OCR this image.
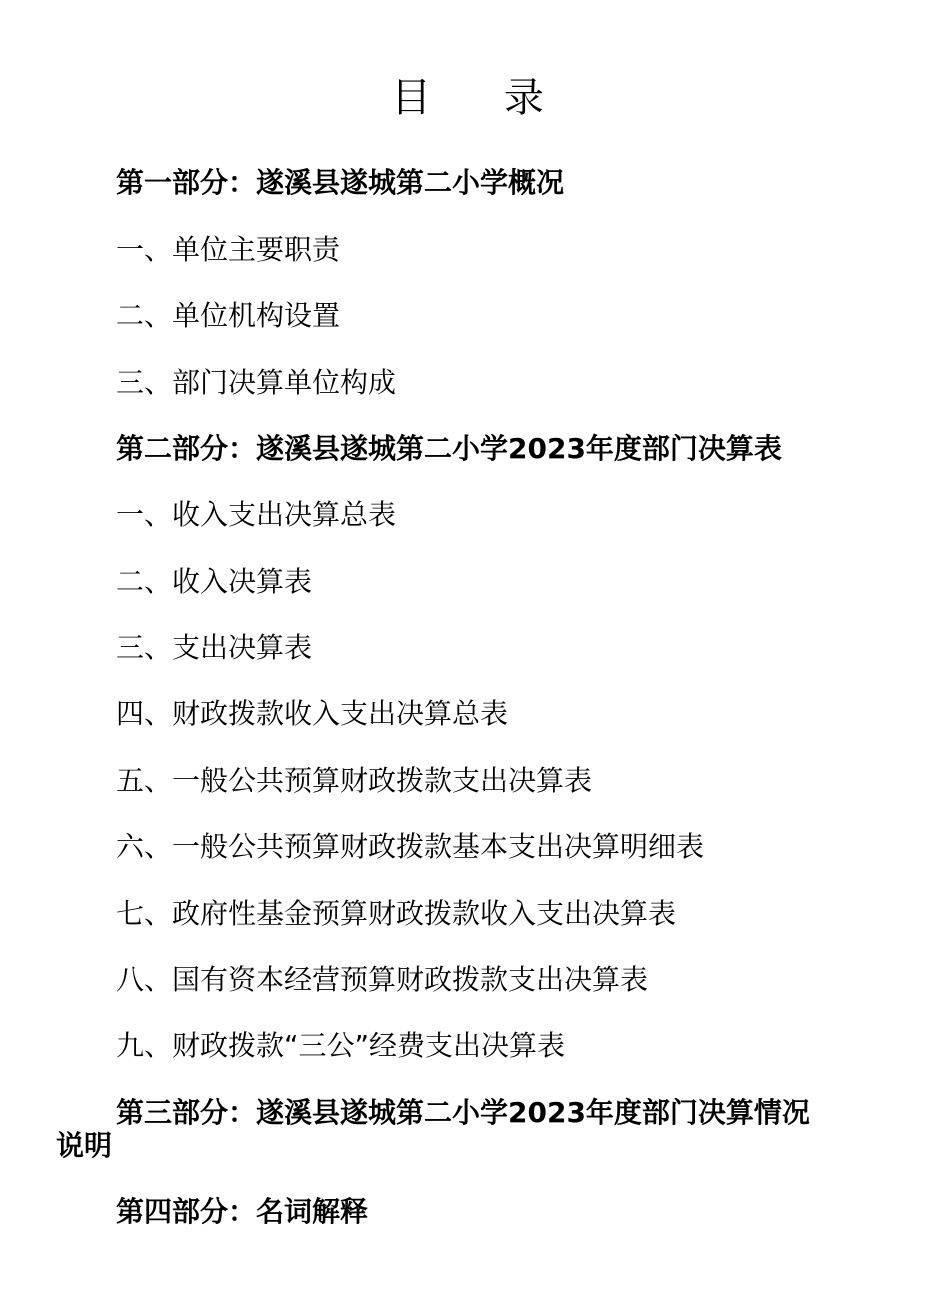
目 录

第一部分：遂溪县遂城第二小学概况

一、单位主要职责

二、单位机构设置

三、部门决算单位构成

第二部分：遂溪县遂城第二小学2023年度部门决算表

一、收入支出决算总表

二、收入决算表

三、支出决算表

四、财政拨款收入支出决算总表

五、一般公共预算财政拨款支出决算表

六、一般公共预算财政拨款基本支出决算明细表

七、政府性基金预算财政拨款收入支出决算表

八、国有资本经营预算财政拨款支出决算表

九、财政拨款“三公”经费支出决算表

第三部分：遂溪县遂城第二小学2023年度部门决算情况

说明

第四部分：名词解释
